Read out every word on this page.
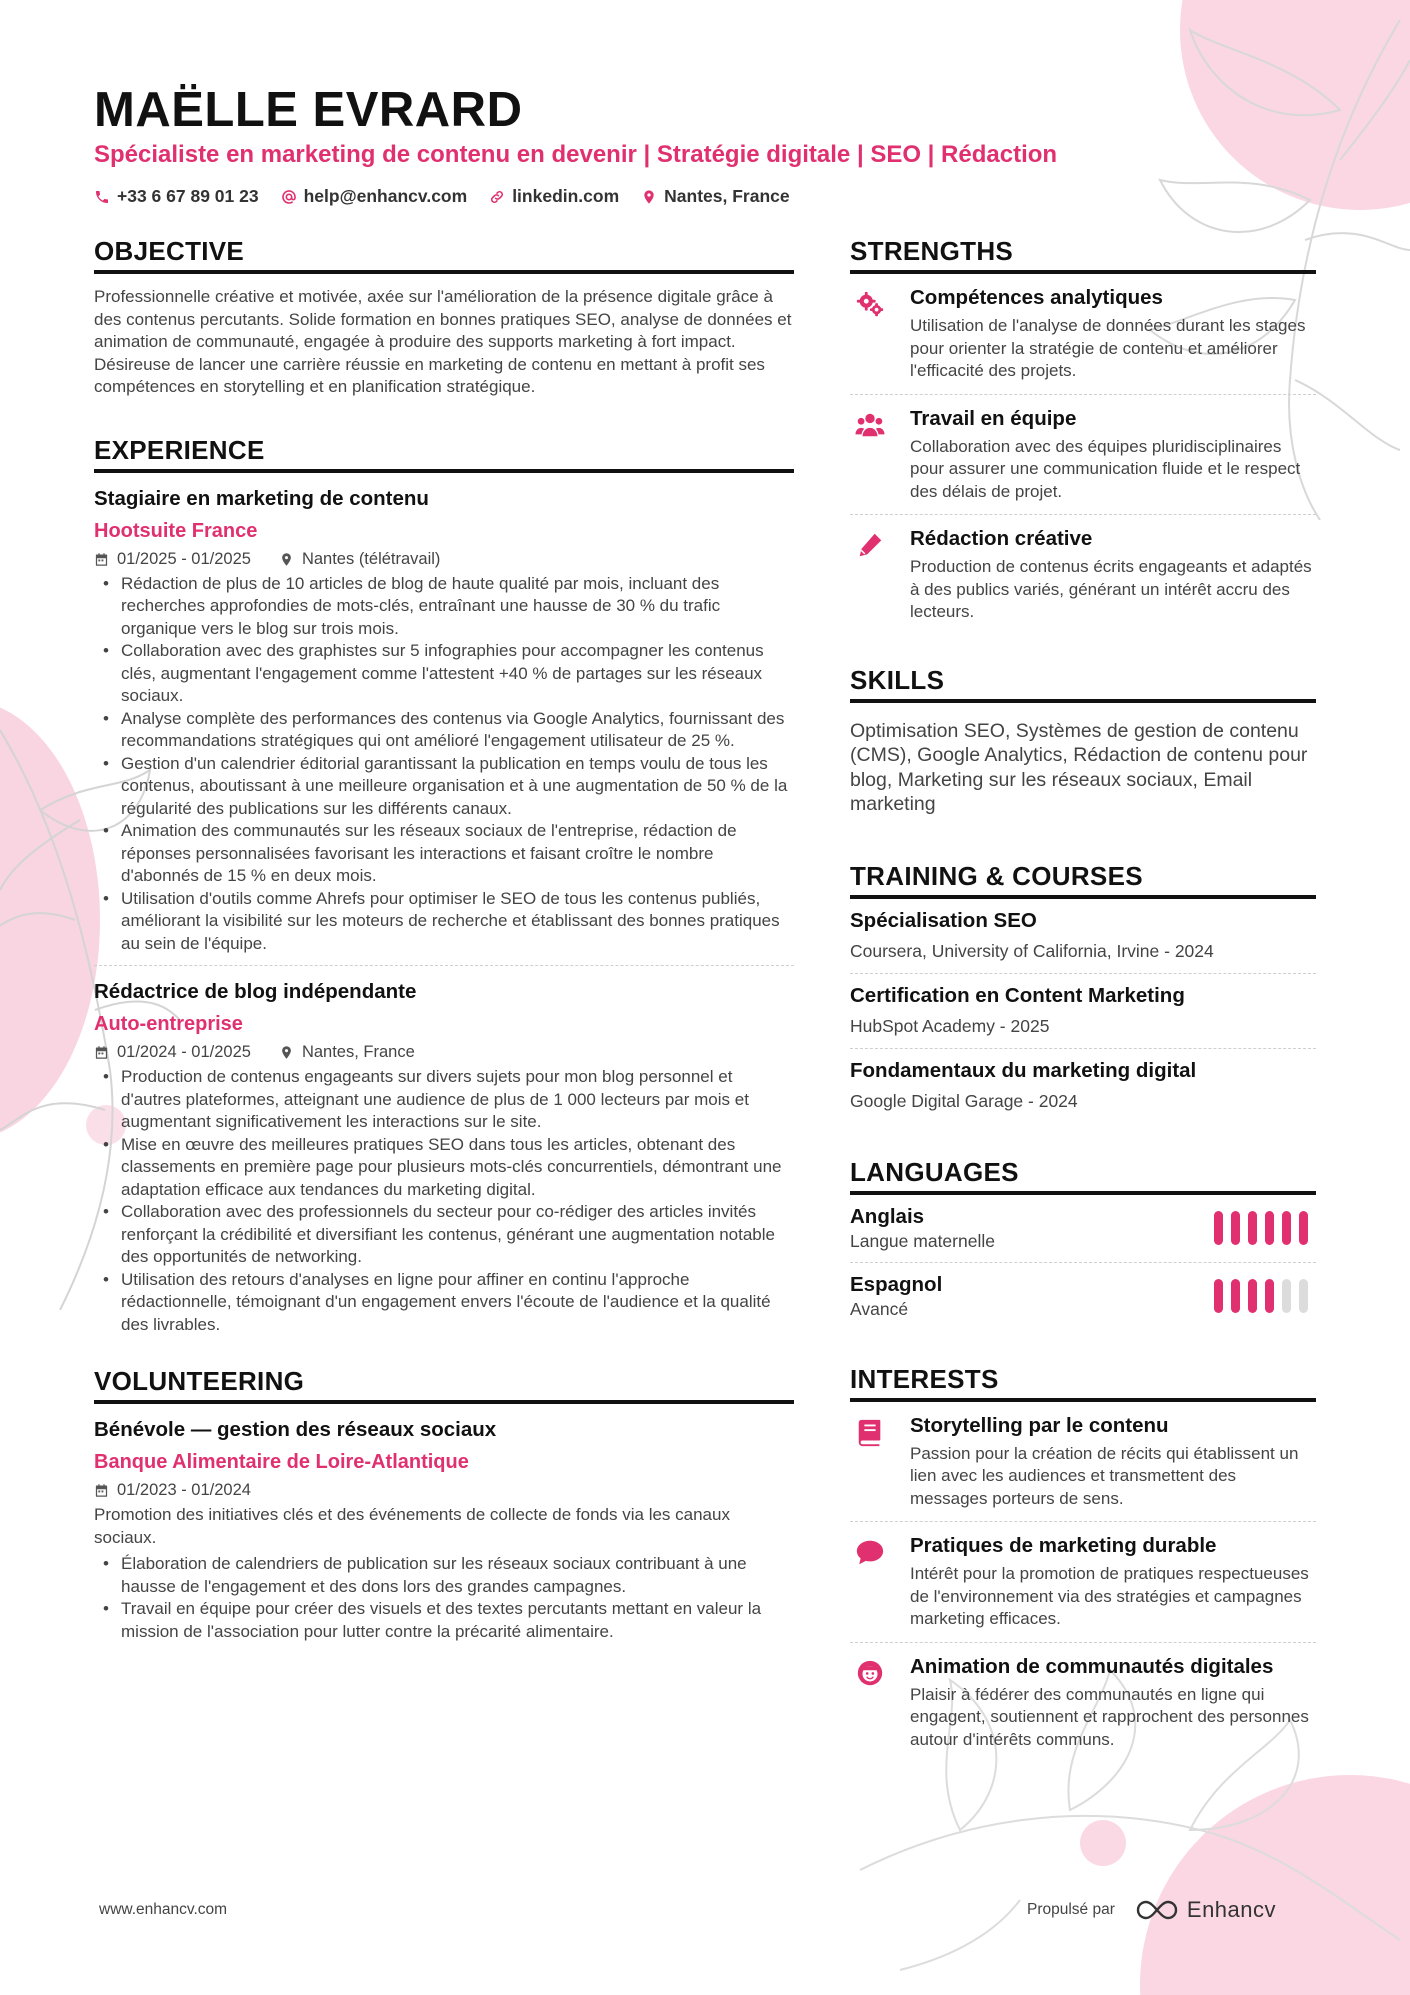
MAËLLE EVRARD
Spécialiste en marketing de contenu en devenir | Stratégie digitale | SEO | Rédaction
+33 6 67 89 01 23	help@enhancv.com	linkedin.com	Nantes, France
OBJECTIVE
Professionnelle créative et motivée, axée sur l'amélioration de la présence digitale grâce à des contenus percutants. Solide formation en bonnes pratiques SEO, analyse de données et animation de communauté, engagée à produire des supports marketing à fort impact. Désireuse de lancer une carrière réussie en marketing de contenu en mettant à profit ses compétences en storytelling et en planification stratégique.
EXPERIENCE
Stagiaire en marketing de contenu
Hootsuite France
01/2025 - 01/2025	Nantes (télétravail)
• Rédaction de plus de 10 articles de blog de haute qualité par mois, incluant des recherches approfondies de mots-clés, entraînant une hausse de 30 % du trafic organique vers le blog sur trois mois.
• Collaboration avec des graphistes sur 5 infographies pour accompagner les contenus clés, augmentant l'engagement comme l'attestent +40 % de partages sur les réseaux sociaux.
• Analyse complète des performances des contenus via Google Analytics, fournissant des recommandations stratégiques qui ont amélioré l'engagement utilisateur de 25 %.
• Gestion d'un calendrier éditorial garantissant la publication en temps voulu de tous les contenus, aboutissant à une meilleure organisation et à une augmentation de 50 % de la régularité des publications sur les différents canaux.
• Animation des communautés sur les réseaux sociaux de l'entreprise, rédaction de réponses personnalisées favorisant les interactions et faisant croître le nombre d'abonnés de 15 % en deux mois.
• Utilisation d'outils comme Ahrefs pour optimiser le SEO de tous les contenus publiés, améliorant la visibilité sur les moteurs de recherche et établissant des bonnes pratiques au sein de l'équipe.
Rédactrice de blog indépendante
Auto-entreprise
01/2024 - 01/2025	Nantes, France
• Production de contenus engageants sur divers sujets pour mon blog personnel et d'autres plateformes, atteignant une audience de plus de 1 000 lecteurs par mois et augmentant significativement les interactions sur le site.
• Mise en œuvre des meilleures pratiques SEO dans tous les articles, obtenant des classements en première page pour plusieurs mots-clés concurrentiels, démontrant une adaptation efficace aux tendances du marketing digital.
• Collaboration avec des professionnels du secteur pour co-rédiger des articles invités renforçant la crédibilité et diversifiant les contenus, générant une augmentation notable des opportunités de networking.
• Utilisation des retours d'analyses en ligne pour affiner en continu l'approche rédactionnelle, témoignant d'un engagement envers l'écoute de l'audience et la qualité des livrables.
VOLUNTEERING
Bénévole — gestion des réseaux sociaux
Banque Alimentaire de Loire-Atlantique
01/2023 - 01/2024
Promotion des initiatives clés et des événements de collecte de fonds via les canaux sociaux.
• Élaboration de calendriers de publication sur les réseaux sociaux contribuant à une hausse de l'engagement et des dons lors des grandes campagnes.
• Travail en équipe pour créer des visuels et des textes percutants mettant en valeur la mission de l'association pour lutter contre la précarité alimentaire.
STRENGTHS
Compétences analytiques
Utilisation de l'analyse de données durant les stages pour orienter la stratégie de contenu et améliorer l'efficacité des projets.
Travail en équipe
Collaboration avec des équipes pluridisciplinaires pour assurer une communication fluide et le respect des délais de projet.
Rédaction créative
Production de contenus écrits engageants et adaptés à des publics variés, générant un intérêt accru des lecteurs.
SKILLS
Optimisation SEO, Systèmes de gestion de contenu (CMS), Google Analytics, Rédaction de contenu pour blog, Marketing sur les réseaux sociaux, Email marketing
TRAINING & COURSES
Spécialisation SEO
Coursera, University of California, Irvine - 2024
Certification en Content Marketing
HubSpot Academy - 2025
Fondamentaux du marketing digital
Google Digital Garage - 2024
LANGUAGES
Anglais
Langue maternelle
Espagnol
Avancé
INTERESTS
Storytelling par le contenu
Passion pour la création de récits qui établissent un lien avec les audiences et transmettent des messages porteurs de sens.
Pratiques de marketing durable
Intérêt pour la promotion de pratiques respectueuses de l'environnement via des stratégies et campagnes marketing efficaces.
Animation de communautés digitales
Plaisir à fédérer des communautés en ligne qui engagent, soutiennent et rapprochent des personnes autour d'intérêts communs.
www.enhancv.com	Propulsé par	Enhancv
